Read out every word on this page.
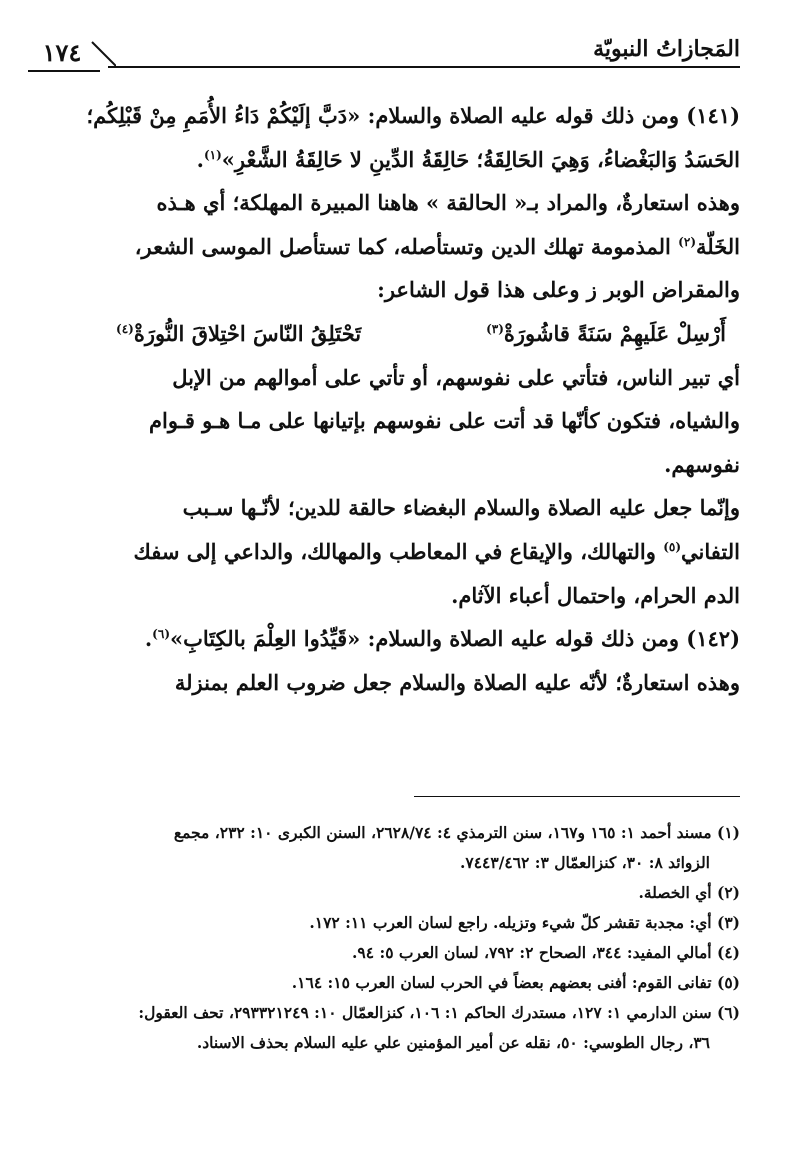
المَجازاتُ النبويّة
١٧٤
(١٤١) ومن ذلك قوله عليه الصلاة والسلام: «دَبَّ إلَيْكُمْ دَاءُ الأُمَمِ مِنْ قَبْلِكُم؛
الحَسَدُ وَالبَغْضاءُ، وَهِيَ الحَالِقَةُ؛ حَالِقَةُ الدِّينِ لا حَالِقَةُ الشَّعْرِ»$^{(١)}$.
وهذه استعارةٌ، والمراد بـ« الحالقة » هاهنا المبيرة المهلكة؛ أي هـذه
الخَلّة$^{(٢)}$ المذمومة تهلك الدين وتستأصله، كما تستأصل الموسى الشعر،
والمقراض الوبر ز وعلى هذا قول الشاعر:
أَرْسِلْ عَلَيهِمْ سَنَةً قاشُورَةْ$^{(٣)}$
تَحْتَلِقُ النّاسَ احْتِلاقَ النُّورَةْ$^{(٤)}$
أي تبير الناس، فتأتي على نفوسهم، أو تأتي على أموالهم من الإبل
والشياه، فتكون كأنّها قد أتت على نفوسهم بإتيانها على مـا هـو قـوام
نفوسهم.
وإنّما جعل عليه الصلاة والسلام البغضاء حالقة للدين؛ لأنّـها سـبب
التفاني$^{(٥)}$ والتهالك، والإيقاع في المعاطب والمهالك، والداعي إلى سفك
الدم الحرام، واحتمال أعباء الآثام.
(١٤٢) ومن ذلك قوله عليه الصلاة والسلام: «قَيِّدُوا العِلْمَ بالكِتَابِ»$^{(٦)}$.
وهذه استعارةٌ؛ لأنّه عليه الصلاة والسلام جعل ضروب العلم بمنزلة
(١) مسند أحمد ١: ١٦٥ و١٦٧، سنن الترمذي ٤: ٢٦٢٨/٧٤، السنن الكبرى ١٠: ٢٣٢، مجمع
الزوائد ٨: ٣٠، كنزالعمّال ٣: ٧٤٤٣/٤٦٢.
(٢) أي الخصلة.
(٣) أي: مجدبة تقشر كلّ شيء وتزيله. راجع لسان العرب ١١: ١٧٢.
(٤) أمالي المفيد: ٣٤٤، الصحاح ٢: ٧٩٢، لسان العرب ٥: ٩٤.
(٥) تفانى القوم: أفنى بعضهم بعضاً في الحرب لسان العرب ١٥: ١٦٤.
(٦) سنن الدارمي ١: ١٢٧، مستدرك الحاكم ١: ١٠٦، كنزالعمّال ١٠: ٢٩٣٣٢١٢٤٩، تحف العقول:
٣٦، رجال الطوسي: ٥٠، نقله عن أمير المؤمنين علي عليه السلام بحذف الاسناد.
